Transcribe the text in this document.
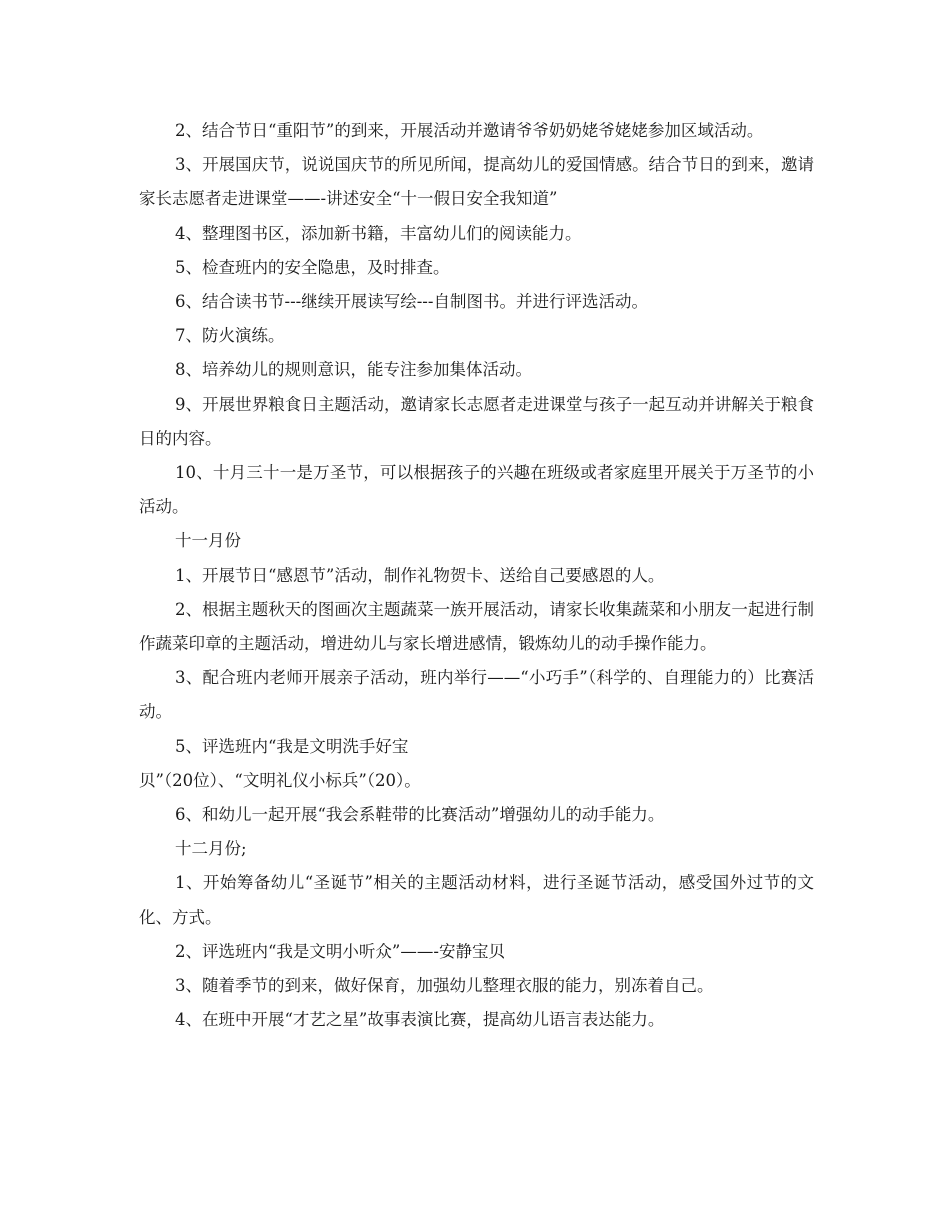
2、结合节日“重阳节”的到来，开展活动并邀请爷爷奶奶姥爷姥姥参加区域活动。

3、开展国庆节，说说国庆节的所见所闻，提高幼儿的爱国情感。结合节日的到来，邀请家长志愿者走进课堂——-讲述安全“十一假日安全我知道”

4、整理图书区，添加新书籍，丰富幼儿们的阅读能力。

5、检查班内的安全隐患，及时排查。

6、结合读书节---继续开展读写绘---自制图书。并进行评选活动。

7、防火演练。

8、培养幼儿的规则意识，能专注参加集体活动。

9、开展世界粮食日主题活动，邀请家长志愿者走进课堂与孩子一起互动并讲解关于粮食日的内容。

10、十月三十一是万圣节，可以根据孩子的兴趣在班级或者家庭里开展关于万圣节的小活动。

十一月份

1、开展节日“感恩节”活动，制作礼物贺卡、送给自己要感恩的人。

2、根据主题秋天的图画次主题蔬菜一族开展活动，请家长收集蔬菜和小朋友一起进行制作蔬菜印章的主题活动，增进幼儿与家长增进感情，锻炼幼儿的动手操作能力。

3、配合班内老师开展亲子活动，班内举行——“小巧手”（科学的、自理能力的）比赛活动。

5、评选班内“我是文明洗手好宝

贝”（20位）、“文明礼仪小标兵”（20）。

6、和幼儿一起开展“我会系鞋带的比赛活动”增强幼儿的动手能力。

十二月份;

1、开始筹备幼儿“圣诞节”相关的主题活动材料，进行圣诞节活动，感受国外过节的文化、方式。

2、评选班内“我是文明小听众”——-安静宝贝

3、随着季节的到来，做好保育，加强幼儿整理衣服的能力，别冻着自己。

4、在班中开展“才艺之星”故事表演比赛，提高幼儿语言表达能力。
